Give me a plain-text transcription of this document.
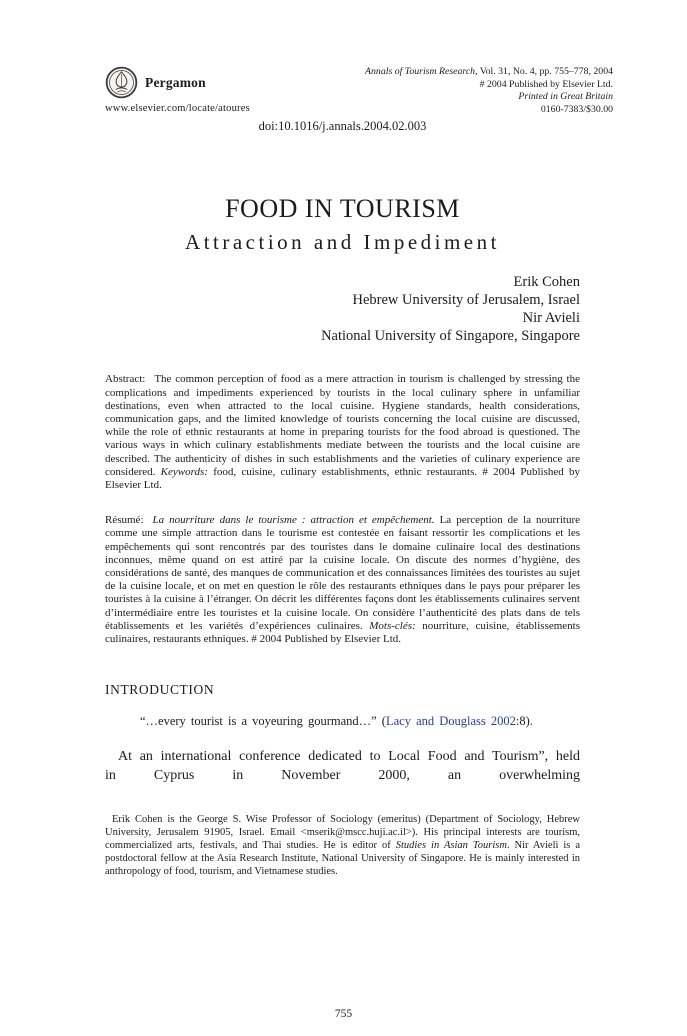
Pergamon
www.elsevier.com/locate/atoures
Annals of Tourism Research, Vol. 31, No. 4, pp. 755–778, 2004
# 2004 Published by Elsevier Ltd.
Printed in Great Britain
0160-7383/$30.00
doi:10.1016/j.annals.2004.02.003
FOOD IN TOURISM
Attraction and Impediment
Erik Cohen
Hebrew University of Jerusalem, Israel
Nir Avieli
National University of Singapore, Singapore

Abstract: The common perception of food as a mere attraction in tourism is challenged by stressing the complications and impediments experienced by tourists in the local culinary sphere in unfamiliar destinations, even when attracted to the local cuisine. Hygiene standards, health considerations, communication gaps, and the limited knowledge of tourists concerning the local cuisine are discussed, while the role of ethnic restaurants at home in preparing tourists for the food abroad is questioned. The various ways in which culinary establishments mediate between the tourists and the local cuisine are described. The authenticity of dishes in such establishments and the varieties of culinary experience are considered. Keywords: food, cuisine, culinary establishments, ethnic restaurants. # 2004 Published by Elsevier Ltd.

Résumé: La nourriture dans le tourisme : attraction et empêchement. La perception de la nourriture comme une simple attraction dans le tourisme est contestée en faisant ressortir les complications et les empêchements qui sont rencontrés par des touristes dans le domaine culinaire local des destinations inconnues, même quand on est attiré par la cuisine locale. On discute des normes d’hygiène, des considérations de santé, des manques de communication et des connaissances limitées des touristes au sujet de la cuisine locale, et on met en question le rôle des restaurants ethniques dans le pays pour préparer les touristes à la cuisine à l’étranger. On décrit les différentes façons dont les établissements culinaires servent d’intermédiaire entre les touristes et la cuisine locale. On considère l’authenticité des plats dans de tels établissements et les variétés d’expériences culinaires. Mots-clés: nourriture, cuisine, établissements culinaires, restaurants ethniques. # 2004 Published by Elsevier Ltd.

INTRODUCTION

“…every tourist is a voyeuring gourmand…” (Lacy and Douglass 2002:8).

At an international conference dedicated to Local Food and Tourism”, held in Cyprus in November 2000, an overwhelming

Erik Cohen is the George S. Wise Professor of Sociology (emeritus) (Department of Sociology, Hebrew University, Jerusalem 91905, Israel. Email <mserik@mscc.huji.ac.il>). His principal interests are tourism, commercialized arts, festivals, and Thai studies. He is editor of Studies in Asian Tourism. Nir Avieli is a postdoctoral fellow at the Asia Research Institute, National University of Singapore. He is mainly interested in anthropology of food, tourism, and Vietnamese studies.

755
